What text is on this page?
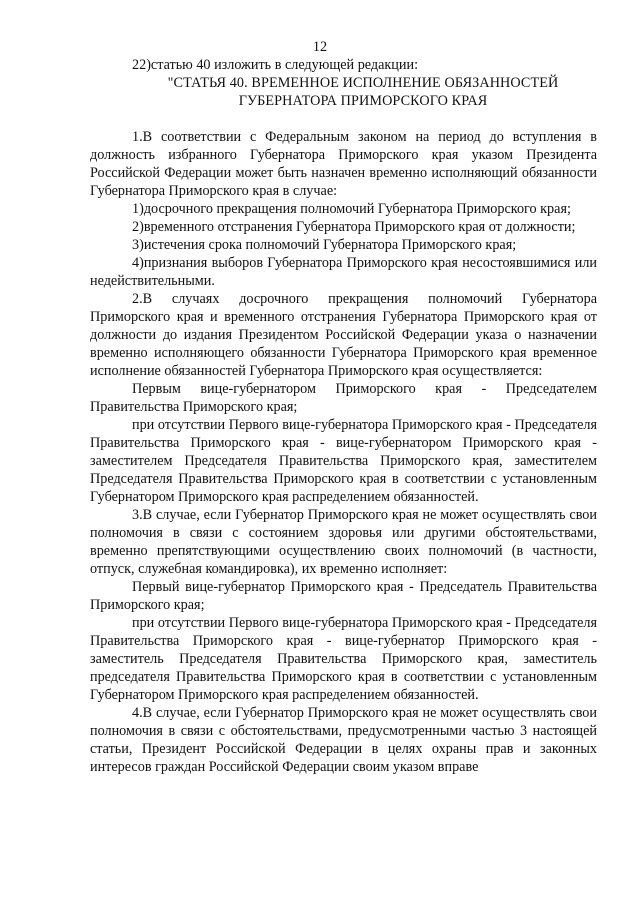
12
22)статью 40 изложить в следующей редакции:
"СТАТЬЯ 40. ВРЕМЕННОЕ ИСПОЛНЕНИЕ ОБЯЗАННОСТЕЙ
ГУБЕРНАТОРА ПРИМОРСКОГО КРАЯ

1.В соответствии с Федеральным законом на период до вступления в должность избранного Губернатора Приморского края указом Президента Российской Федерации может быть назначен временно исполняющий обязанности Губернатора Приморского края в случае:

1)досрочного прекращения полномочий Губернатора Приморского края;

2)временного отстранения Губернатора Приморского края от должности;

3)истечения срока полномочий Губернатора Приморского края;

4)признания выборов Губернатора Приморского края несостоявшимися или недействительными.

2.В случаях досрочного прекращения полномочий Губернатора Приморского края и временного отстранения Губернатора Приморского края от должности до издания Президентом Российской Федерации указа о назначении временно исполняющего обязанности Губернатора Приморского края временное исполнение обязанностей Губернатора Приморского края осуществляется:

Первым вице-губернатором Приморского края - Председателем Правительства Приморского края;

при отсутствии Первого вице-губернатора Приморского края - Председателя Правительства Приморского края - вице-губернатором Приморского края - заместителем Председателя Правительства Приморского края, заместителем Председателя Правительства Приморского края в соответствии с установленным Губернатором Приморского края распределением обязанностей.

3.В случае, если Губернатор Приморского края не может осуществлять свои полномочия в связи с состоянием здоровья или другими обстоятельствами, временно препятствующими осуществлению своих полномочий (в частности, отпуск, служебная командировка), их временно исполняет:

Первый вице-губернатор Приморского края - Председатель Правительства Приморского края;

при отсутствии Первого вице-губернатора Приморского края - Председателя Правительства Приморского края - вице-губернатор Приморского края - заместитель Председателя Правительства Приморского края, заместитель председателя Правительства Приморского края в соответствии с установленным Губернатором Приморского края распределением обязанностей.

4.В случае, если Губернатор Приморского края не может осуществлять свои полномочия в связи с обстоятельствами, предусмотренными частью 3 настоящей статьи, Президент Российской Федерации в целях охраны прав и законных интересов граждан Российской Федерации своим указом вправе
